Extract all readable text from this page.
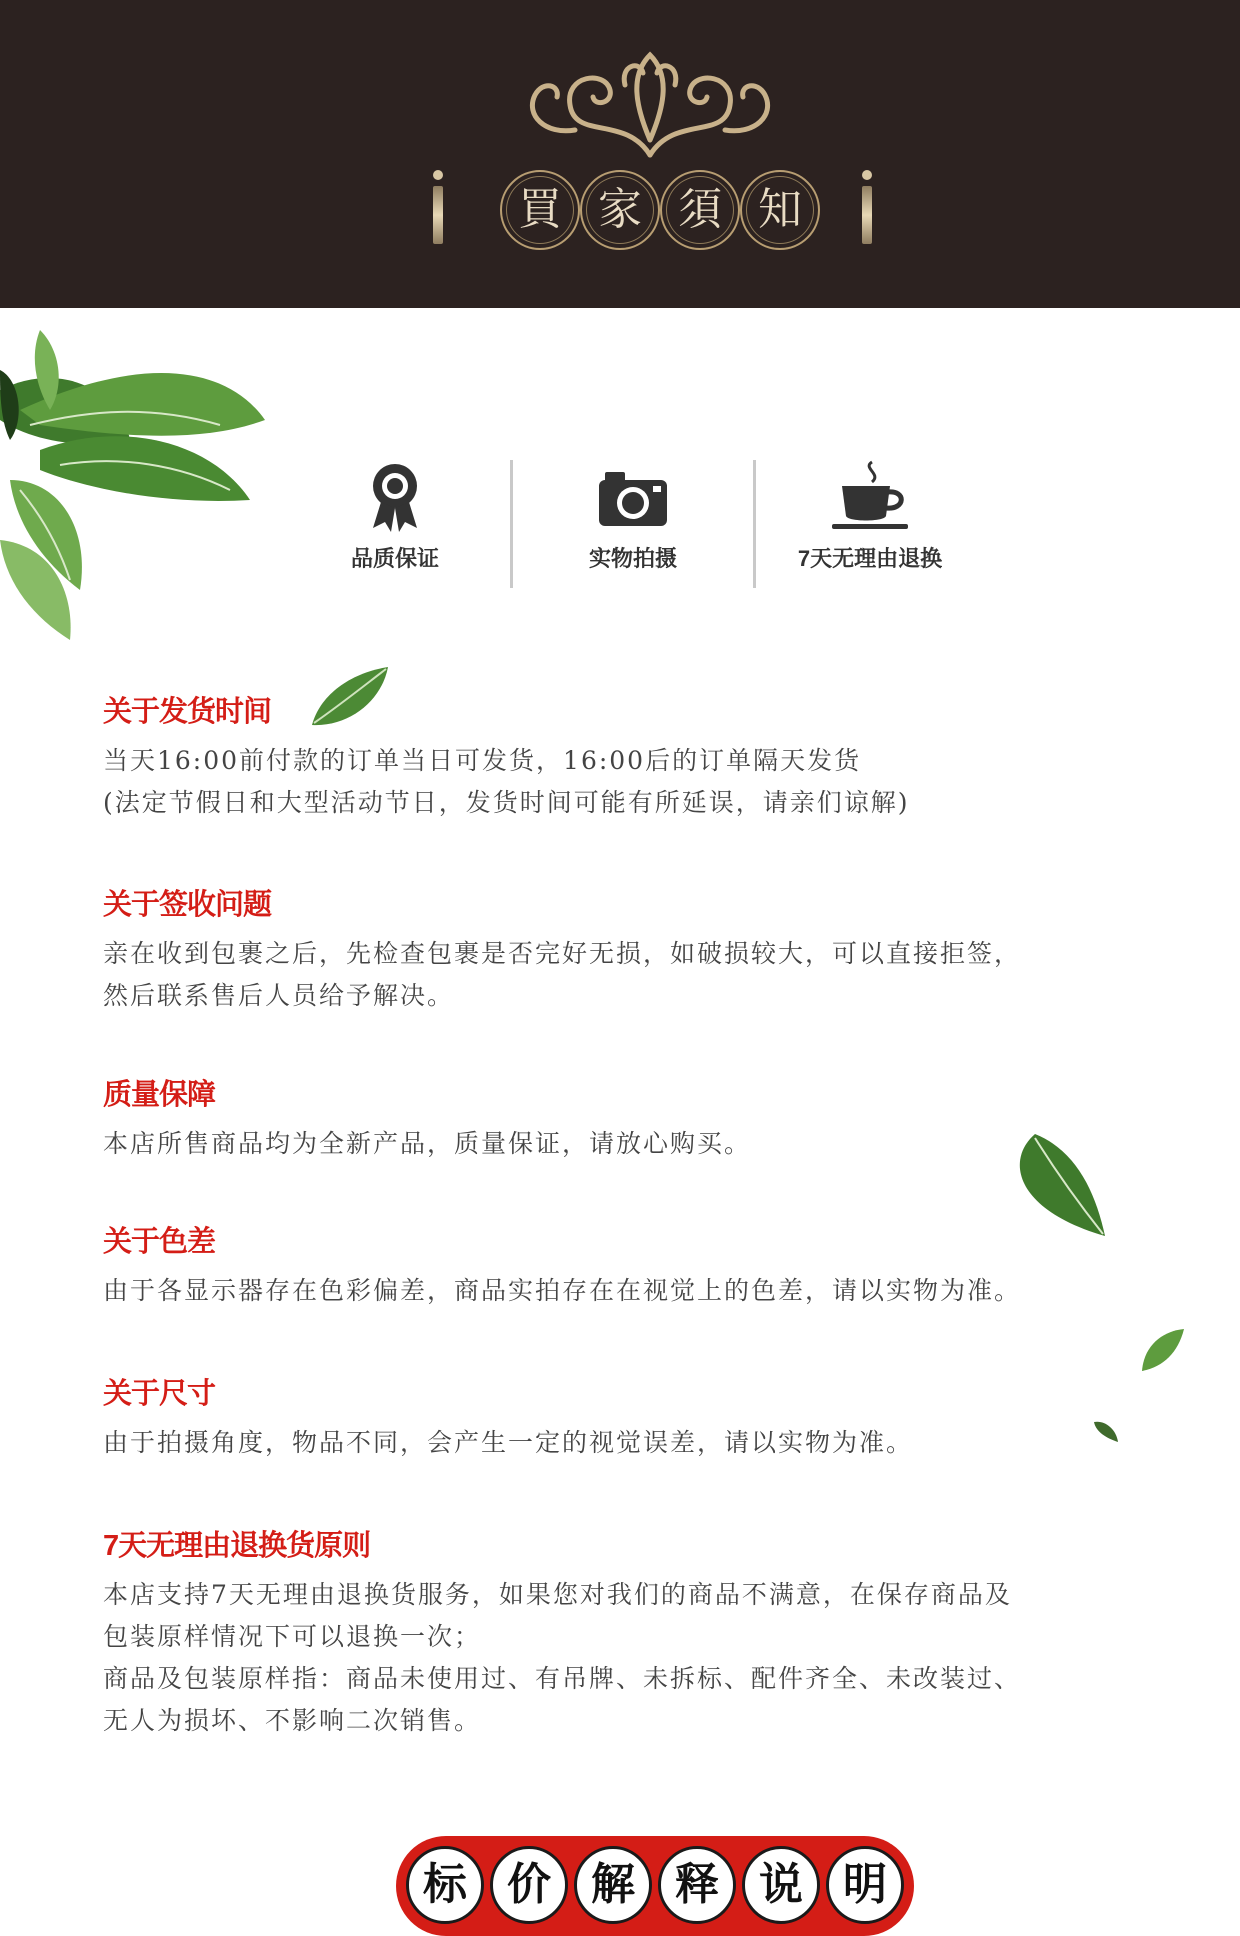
買 家 須 知
品质保证	实物拍摄	7天无理由退换
关于发货时间

当天16:00前付款的订单当日可发货，16:00后的订单隔天发货

(法定节假日和大型活动节日，发货时间可能有所延误，请亲们谅解)

关于签收问题

亲在收到包裹之后，先检查包裹是否完好无损，如破损较大，可以直接拒签，

然后联系售后人员给予解决。

质量保障

本店所售商品均为全新产品，质量保证，请放心购买。

关于色差

由于各显示器存在色彩偏差，商品实拍存在在视觉上的色差，请以实物为准。

关于尺寸

由于拍摄角度，物品不同，会产生一定的视觉误差，请以实物为准。

7天无理由退换货原则

本店支持7天无理由退换货服务，如果您对我们的商品不满意，在保存商品及

包装原样情况下可以退换一次；

商品及包装原样指：商品未使用过、有吊牌、未拆标、配件齐全、未改装过、

无人为损坏、不影响二次销售。

标 价 解 释 说 明
